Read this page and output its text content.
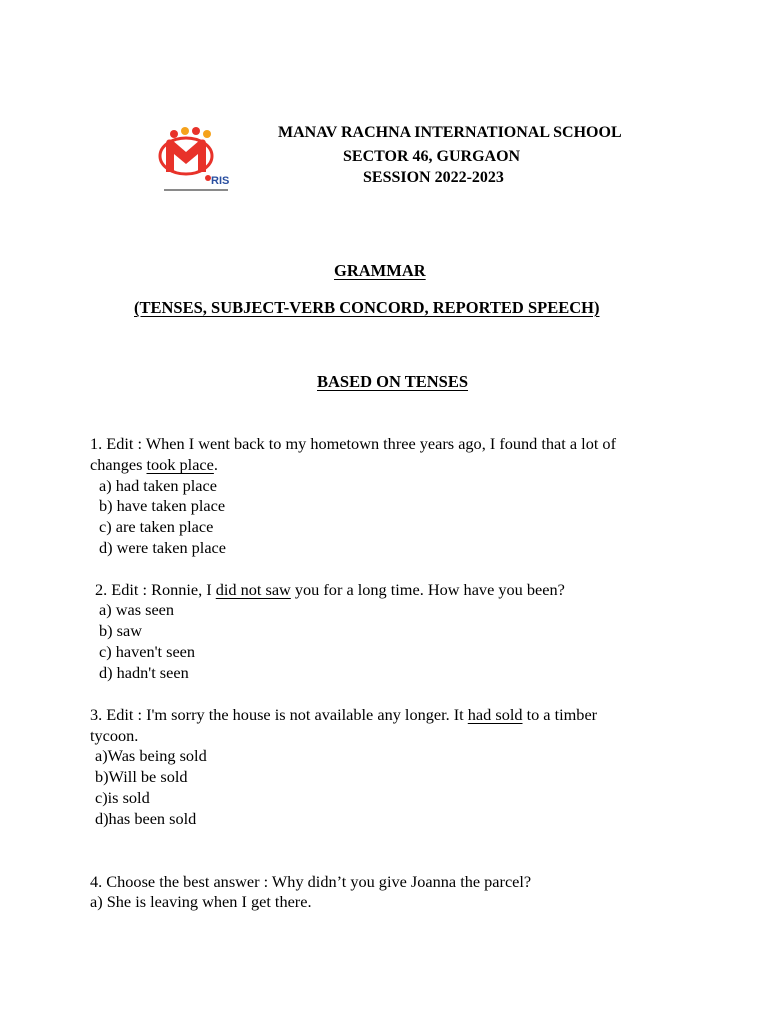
RIS
MANAV RACHNA INTERNATIONAL SCHOOL
SECTOR 46, GURGAON
SESSION 2022-2023
GRAMMAR
(TENSES, SUBJECT-VERB CONCORD, REPORTED SPEECH)
BASED ON TENSES
1. Edit : When I went back to my hometown three years ago, I found that a lot of
changes took place.
a) had taken place
b) have taken place
c) are taken place
d) were taken place
2. Edit : Ronnie, I did not saw you for a long time. How have you been?
a) was seen
b) saw
c) haven't seen
d) hadn't seen
3. Edit : I'm sorry the house is not available any longer. It had sold to a timber
tycoon.
a)Was being sold
b)Will be sold
c)is sold
d)has been sold
4. Choose the best answer : Why didn’t you give Joanna the parcel?
a) She is leaving when I get there.
